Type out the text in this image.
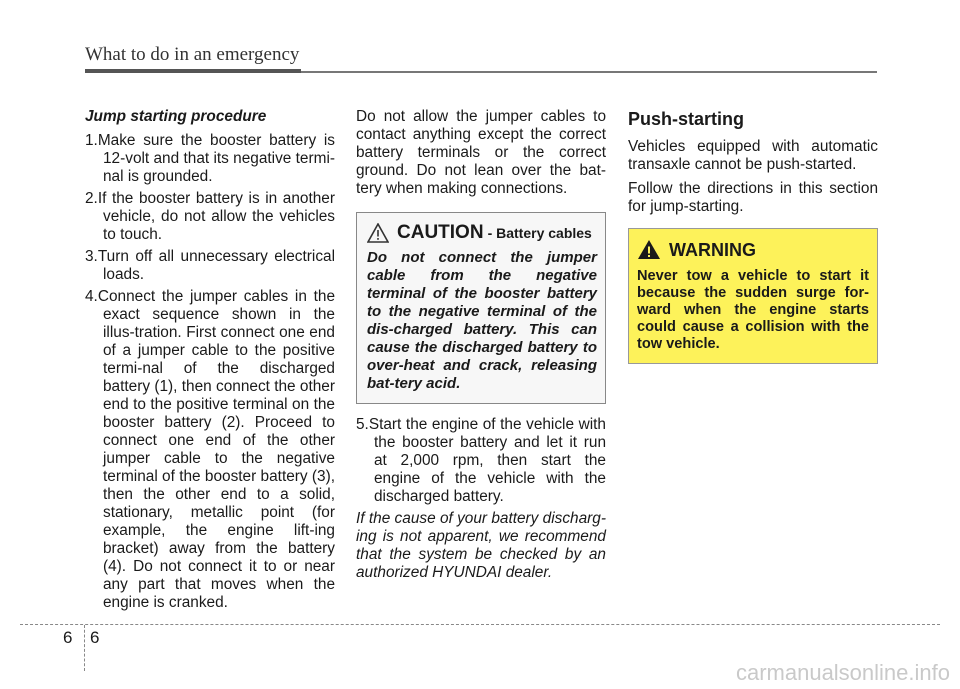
What to do in an emergency
Jump starting procedure
1.Make sure the booster battery is 12-volt and that its negative termi-nal is grounded.
2.If the booster battery is in another vehicle, do not allow the vehicles to touch.
3.Turn off all unnecessary electrical loads.
4.Connect the jumper cables in the exact sequence shown in the illus-tration. First connect one end of a jumper cable to the positive termi-nal of the discharged battery (1), then connect the other end to the positive terminal on the booster battery (2). Proceed to connect one end of the other jumper cable to the negative terminal of the booster battery (3), then the other end to a solid, stationary, metallic point (for example, the engine lift-ing bracket) away from the battery (4). Do not connect it to or near any part that moves when the engine is cranked.

Do not allow the jumper cables to contact anything except the correct battery terminals or the correct ground. Do not lean over the bat-tery when making connections.

CAUTION - Battery cables
Do not connect the jumper cable from the negative terminal of the booster battery to the negative terminal of the dis-charged battery. This can cause the discharged battery to over-heat and crack, releasing bat-tery acid.
5.Start the engine of the vehicle with the booster battery and let it run at 2,000 rpm, then start the engine of the vehicle with the discharged battery.

If the cause of your battery discharg-ing is not apparent, we recommend that the system be checked by an authorized HYUNDAI dealer.

Push-starting

Vehicles equipped with automatic transaxle cannot be push-started.

Follow the directions in this section for jump-starting.

WARNING
Never tow a vehicle to start it because the sudden surge for-ward when the engine starts could cause a collision with the tow vehicle.
6 6
carmanualsonline.info
